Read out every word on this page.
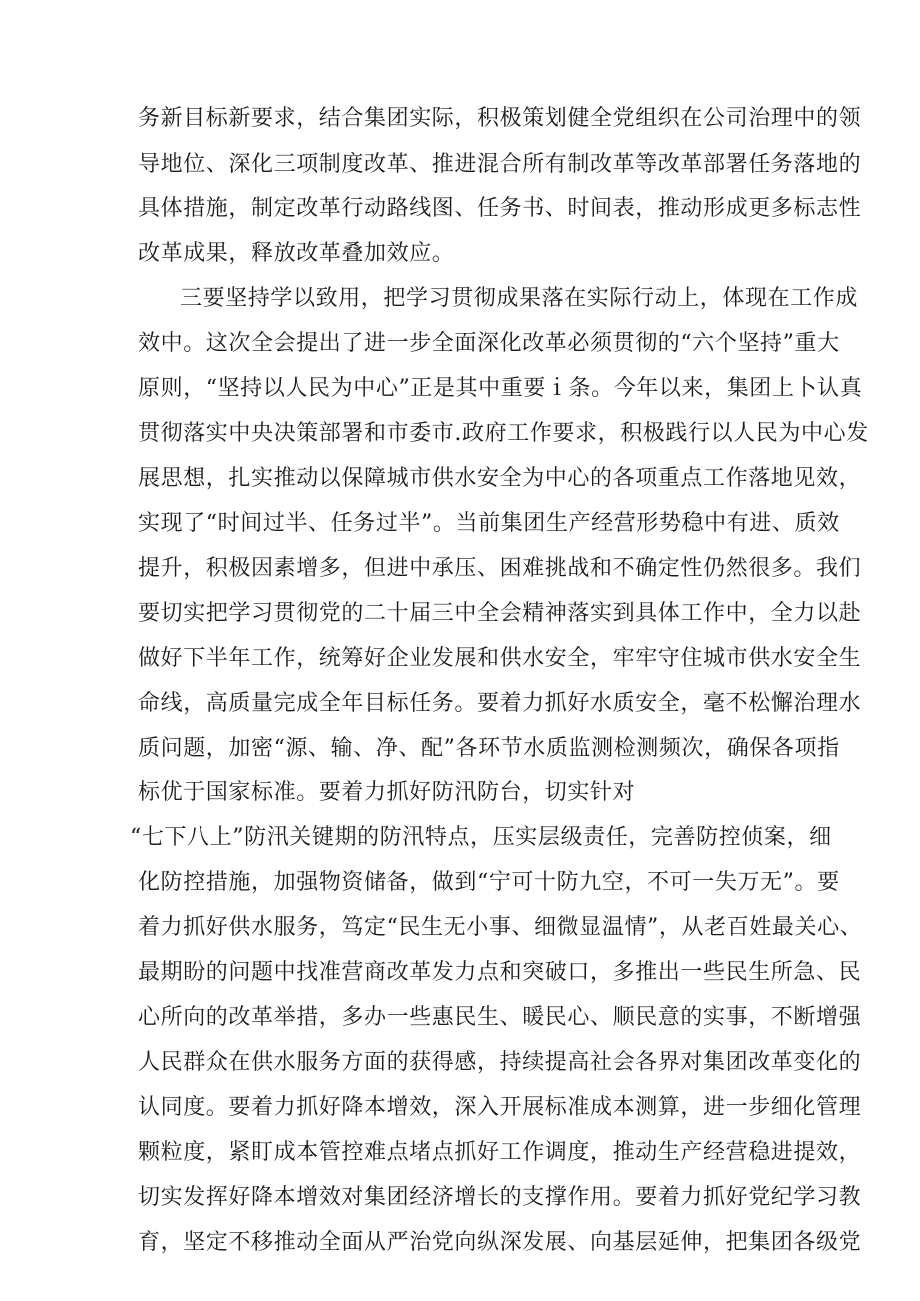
务新目标新要求，结合集团实际，积极策划健全党组织在公司治理中的领
导地位、深化三项制度改革、推进混合所有制改革等改革部署任务落地的
具体措施，制定改革行动路线图、任务书、时间表，推动形成更多标志性
改革成果，释放改革叠加效应。
三要坚持学以致用，把学习贯彻成果落在实际行动上，体现在工作成
效中。这次全会提出了进一步全面深化改革必须贯彻的“六个坚持”重大
原则，“坚持以人民为中心”正是其中重要ｉ条。今年以来，集团上卜认真
贯彻落实中央决策部署和市委市.政府工作要求，积极践行以人民为中心发
展思想，扎实推动以保障城市供水安全为中心的各项重点工作落地见效，
实现了“时间过半、任务过半”。当前集团生产经营形势稳中有进、质效
提升，积极因素增多，但进中承压、困难挑战和不确定性仍然很多。我们
要切实把学习贯彻党的二十届三中全会精神落实到具体工作中，全力以赴
做好下半年工作，统筹好企业发展和供水安全，牢牢守住城市供水安全生
命线，高质量完成全年目标任务。要着力抓好水质安全，毫不松懈治理水
质问题，加密“源、输、净、配”各环节水质监测检测频次，确保各项指
标优于国家标准。要着力抓好防汛防台，切实针对
“七下八上”防汛关键期的防汛特点，压实层级责任，完善防控侦案，细
化防控措施，加强物资储备，做到“宁可十防九空，不可一失万无”。要
着力抓好供水服务，笃定“民生无小事、细微显温情”，从老百姓最关心、
最期盼的问题中找准营商改革发力点和突破口，多推出一些民生所急、民
心所向的改革举措，多办一些惠民生、暖民心、顺民意的实事，不断增强
人民群众在供水服务方面的获得感，持续提高社会各界对集团改革变化的
认同度。要着力抓好降本增效，深入开展标准成本测算，进一步细化管理
颗粒度，紧盯成本管控难点堵点抓好工作调度，推动生产经营稳进提效，
切实发挥好降本增效对集团经济增长的支撑作用。要着力抓好党纪学习教
育，坚定不移推动全面从严治党向纵深发展、向基层延伸，把集团各级党
